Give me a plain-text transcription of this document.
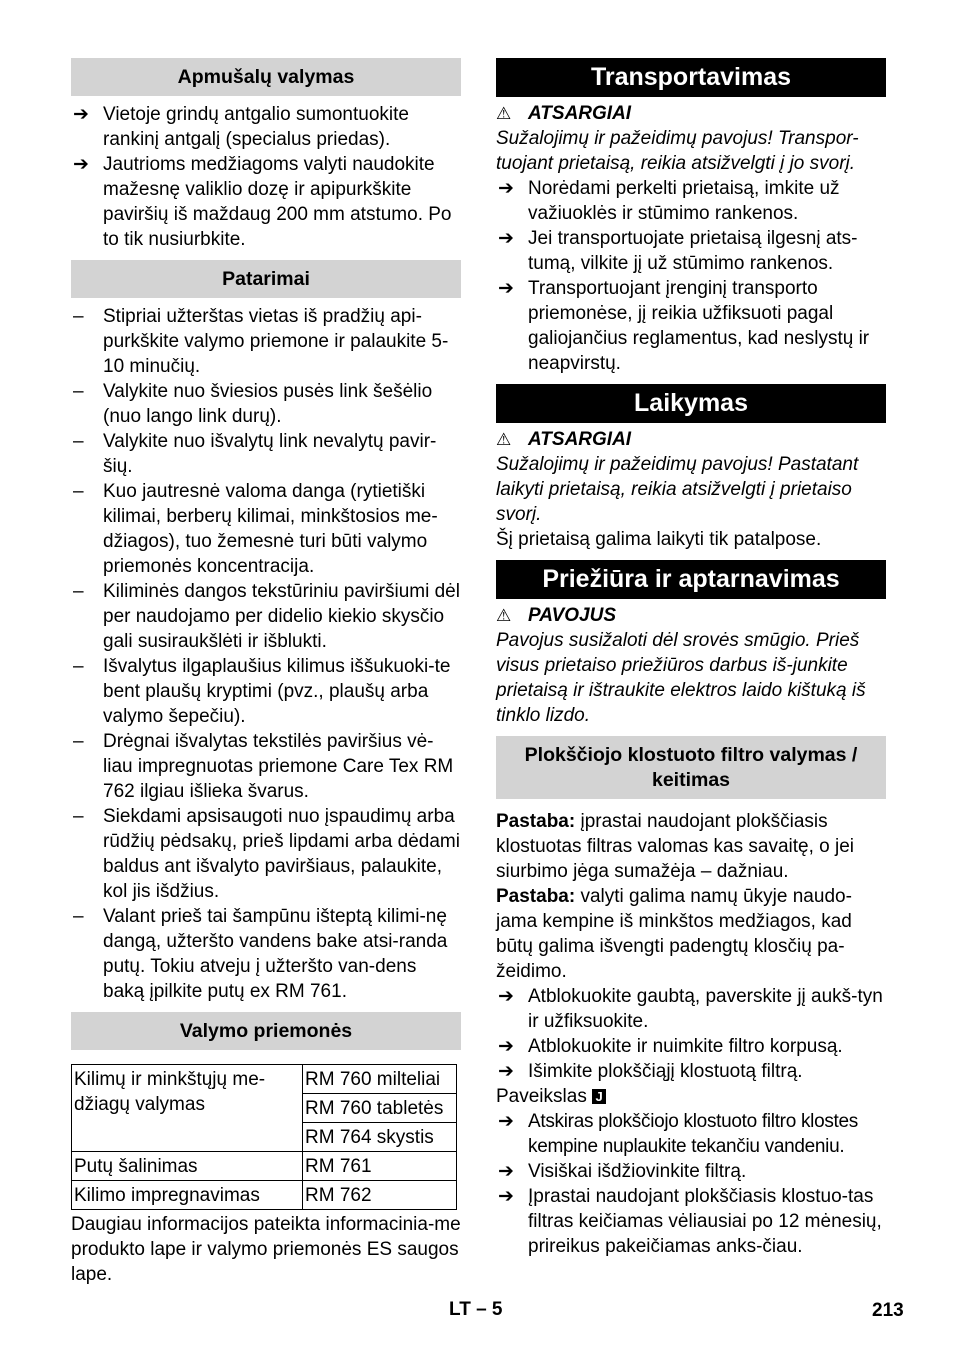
Apmušalų valymas
➔ Vietoje grindų antgalio sumontuokite rankinį antgalį (specialus priedas).
➔ Jautrioms medžiagoms valyti naudokite mažesnę valiklio dozę ir apipurkškite paviršių iš maždaug 200 mm atstumo. Po to tik nusiurbkite.
Patarimai
–	Stipriai užterštas vietas iš pradžių api-purkškite valymo priemone ir palaukite 5-10 minučių.
–	Valykite nuo šviesios pusės link šešėlio (nuo lango link durų).
–	Valykite nuo išvalytų link nevalytų pavir-šių.
–	Kuo jautresnė valoma danga (rytietiški kilimai, berberų kilimai, minkštosios me-džiagos), tuo žemesnė turi būti valymo priemonės koncentracija.
–	Kiliminės dangos tekstūriniu paviršiumi dėl per naudojamo per didelio kiekio skysčio gali susiraukšlėti ir išblukti.
–	Išvalytus ilgaplaušius kilimus iššukuoki-te bent plaušų kryptimi (pvz., plaušų arba valymo šepečiu).
–	Drėgnai išvalytas tekstilės paviršius vė-liau impregnuotas priemone Care Tex RM 762 ilgiau išlieka švarus.
–	Siekdami apsisaugoti nuo įspaudimų arba rūdžių pėdsakų, prieš lipdami arba dėdami baldus ant išvalyto paviršiaus, palaukite, kol jis išdžius.
–	Valant prieš tai šampūnu išteptą kilimi-nę dangą, užteršto vandens bake atsi-randa putų. Tokiu atveju į užteršto van-dens baką įpilkite putų ex RM 761.
Valymo priemonės
Kilimų ir minkštųjų me-džiagų valymas	RM 760 milteliai
	RM 760 tabletės
	RM 764 skystis
Putų šalinimas	RM 761
Kilimo impregnavimas	RM 762

Daugiau informacijos pateikta informacinia-me produkto lape ir valymo priemonės ES saugos lape.

Transportavimas
⚠ ATSARGIAI

Sužalojimų ir pažeidimų pavojus! Transpor-tuojant prietaisą, reikia atsižvelgti į jo svorį.

➔ Norėdami perkelti prietaisą, imkite už važiuoklės ir stūmimo rankenos.
➔ Jei transportuojate prietaisą ilgesnį ats-tumą, vilkite jį už stūmimo rankenos.
➔ Transportuojant įrenginį transporto priemonėse, jį reikia užfiksuoti pagal galiojančius reglamentus, kad neslystų ir neapvirstų.
Laikymas
⚠ ATSARGIAI

Sužalojimų ir pažeidimų pavojus! Pastatant laikyti prietaisą, reikia atsižvelgti į prietaiso svorį.

Šį prietaisą galima laikyti tik patalpose.

Priežiūra ir aptarnavimas
⚠ PAVOJUS

Pavojus susižaloti dėl srovės smūgio. Prieš visus prietaiso priežiūros darbus iš-junkite prietaisą ir ištraukite elektros laido kištuką iš tinklo lizdo.

Plokščiojo klostuoto filtro valymas / keitimas

Pastaba: įprastai naudojant plokščiasis klostuotas filtras valomas kas savaitę, o jei siurbimo jėga sumažėja – dažniau.

Pastaba: valyti galima namų ūkyje naudo-jama kempine iš minkštos medžiagos, kad būtų galima išvengti padengtų klosčių pa-žeidimo.

➔ Atblokuokite gaubtą, paverskite jį aukš-tyn ir užfiksuokite.
➔ Atblokuokite ir nuimkite filtro korpusą.
➔ Išimkite plokščiąjį klostuotą filtrą.

Paveikslas J

➔ Atskiras plokščiojo klostuoto filtro klostes kempine nuplaukite tekančiu vandeniu.
➔ Visiškai išdžiovinkite filtrą.
➔ Įprastai naudojant plokščiasis klostuo-tas filtras keičiamas vėliausiai po 12 mėnesių, prireikus pakeičiamas anks-čiau.
LT – 5	213
